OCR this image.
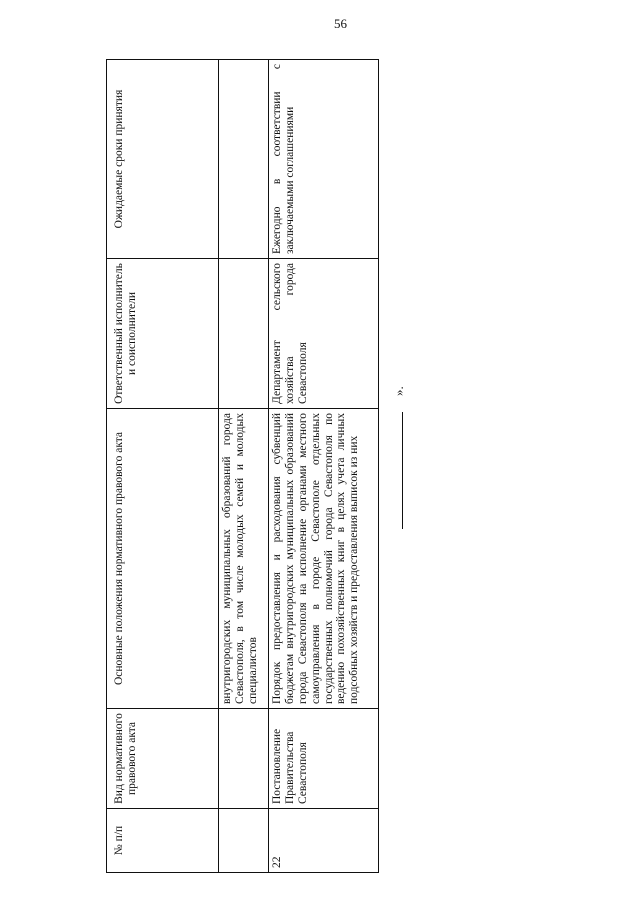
56
№ п/п	Вид нормативного правового акта	Основные положения нормативного правового акта	Ответственный исполнитель и соисполнители	Ожидаемые сроки принятия
		внутригородских муниципальных образований города Севастополя, в том числе молодых семей и молодых специалистов		
22	Постановление Правительства Севастополя	Порядок предоставления и расходования субвенций бюджетам внутригородских муниципальных образований города Севастополя на исполнение органами местного самоуправления в городе Севастополе отдельных государственных полномочий города Севастополя по ведению похозяйственных книг в целях учета личных подсобных хозяйств и предоставления выписок из них	Департамент сельского хозяйства города Севастополя	Ежегодно в соответствии с заключаемыми соглашениями
».
